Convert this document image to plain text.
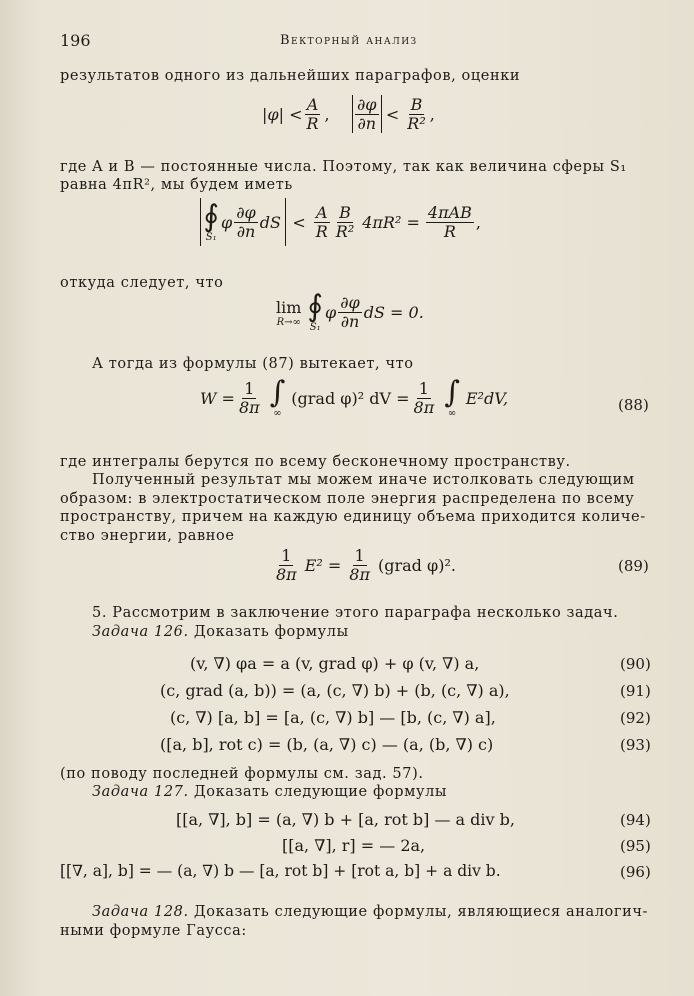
196	Векторный анализ
результатов одного из дальнейших параграфов, оценки
$|\varphi| < \frac{A}{R}$ , $\frac{\partial\varphi}{\partial n} < \frac{B}{\text{R²}}$ ,
где A и B — постоянные числа. Поэтому, так как величина сферы S₁
равна 4πR², мы будем иметь
∮
S₁
φ $\frac{\partial\varphi}{\partial n}$ dS < $\frac{A}{R} \frac{B}{\text{R²}} 4\pi R^2 = \frac{\text{4πAB}}{R}$ ,
откуда следует, что
lim
R→∞ ∮
S₁
φ $\frac{\partial\varphi}{\partial n}$ dS = 0.
А тогда из формулы (87) вытекает, что
$W = \frac{1}{8\pi}$ ∫
∞
(grad φ)² dV = $\frac{1}{8\pi}$ ∫
∞
E²dV,	(88)
где интегралы берутся по всему бесконечному пространству.
Полученный результат мы можем иначе истолковать следующим
образом: в электростатическом поле энергия распределена по всему
пространству, причем на каждую единицу объема приходится количе-
ство энергии, равное
$\frac{1}{8\pi} E^2 = \frac{1}{8\pi}$ (grad φ)².	(89)
5. Рассмотрим в заключение этого параграфа несколько задач.
Задача 126. Доказать формулы
(v, ∇) φa = a (v, grad φ) + φ (v, ∇) a,	(90)
(c, grad (a, b)) = (a, (c, ∇) b) + (b, (c, ∇) a),	(91)
(c, ∇) [a, b] = [a, (c, ∇) b] — [b, (c, ∇) a],	(92)
([a, b], rot c) = (b, (a, ∇) c) — (a, (b, ∇) c)	(93)
(по поводу последней формулы см. зад. 57).
Задача 127. Доказать следующие формулы
[[a, ∇], b] = (a, ∇) b + [a, rot b] — a div b,	(94)
[[a, ∇], r] = — 2a,	(95)
[[∇, a], b] = — (a, ∇) b — [a, rot b] + [rot a, b] + a div b.	(96)
Задача 128. Доказать следующие формулы, являющиеся аналогич-
ными формуле Гаусса:
